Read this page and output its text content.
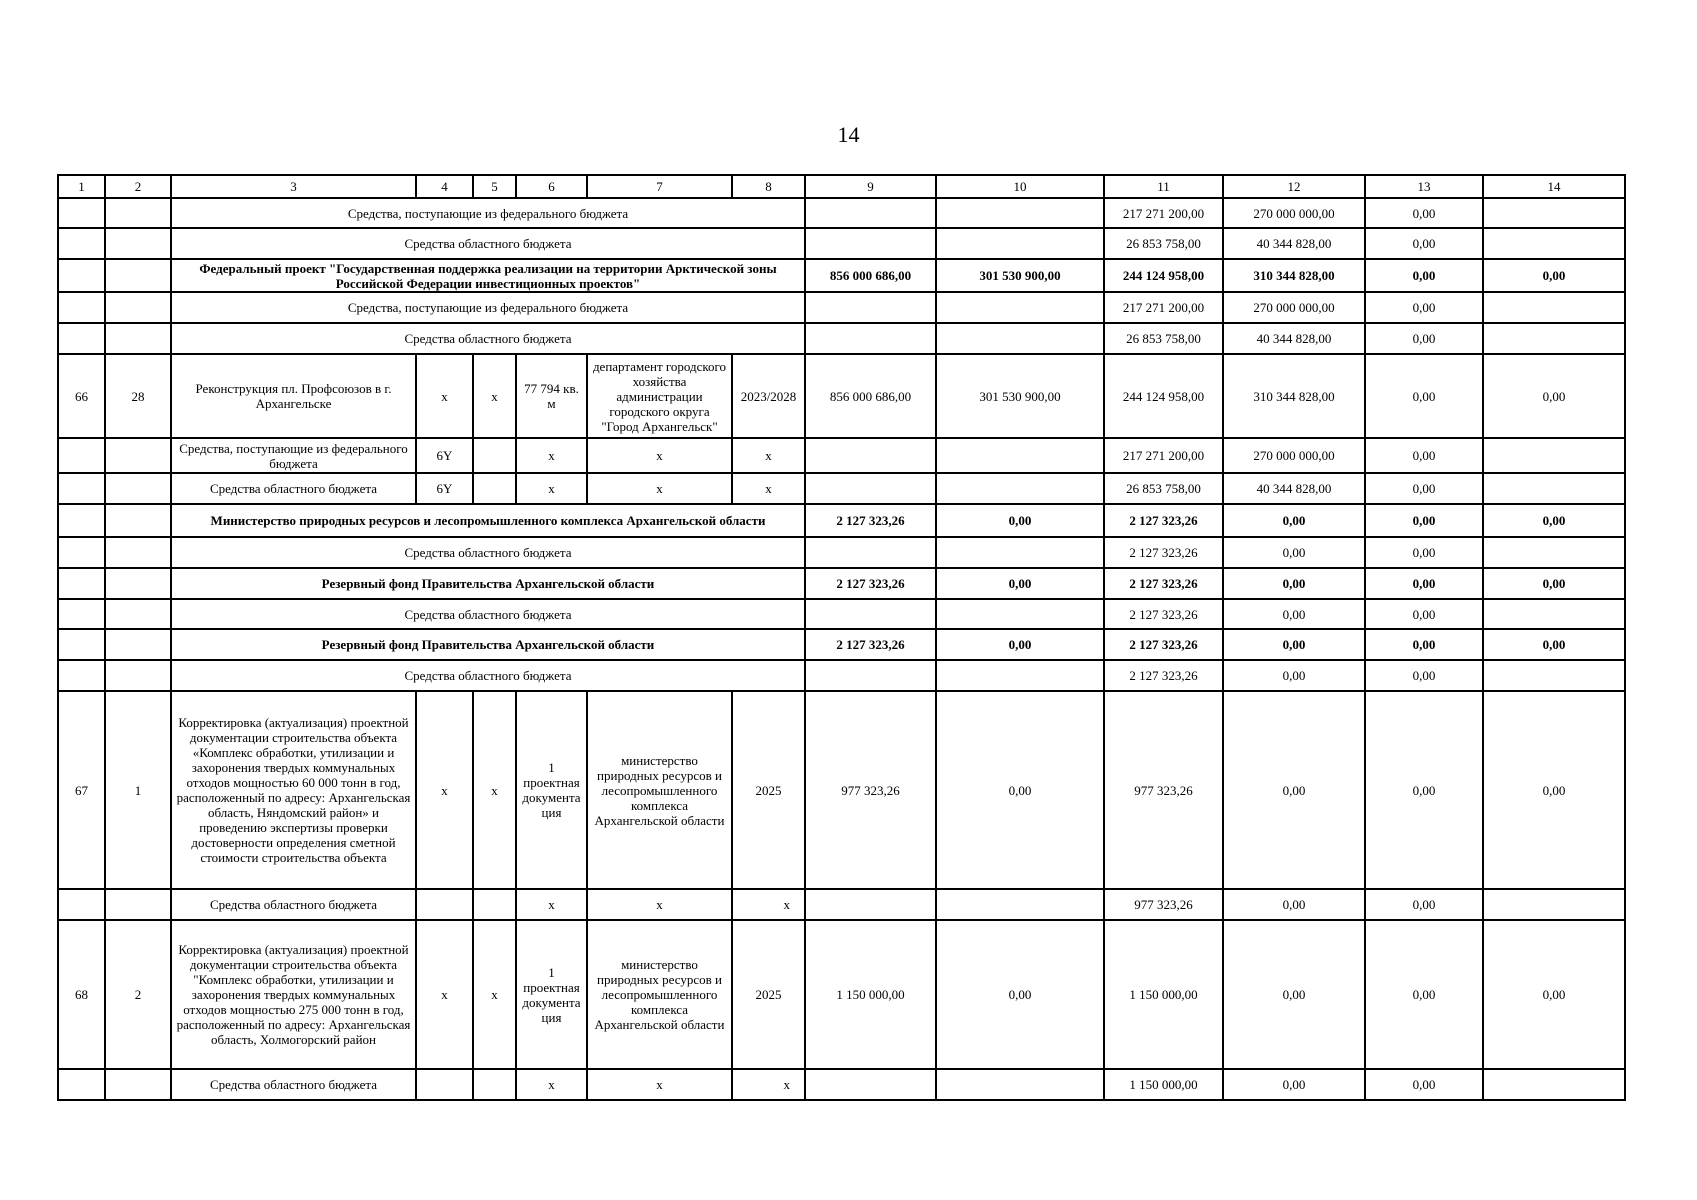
14
1	2	3	4	5	6	7	8	9	10	11	12	13	14
		Средства, поступающие из федерального бюджета								217 271 200,00	270 000 000,00	0,00	
		Средства областного бюджета								26 853 758,00	40 344 828,00	0,00	
		Федеральный проект "Государственная поддержка реализации на территории Арктической зоны Российской Федерации инвестиционных проектов"						856 000 686,00	301 530 900,00	244 124 958,00	310 344 828,00	0,00	0,00
		Средства, поступающие из федерального бюджета								217 271 200,00	270 000 000,00	0,00	
		Средства областного бюджета								26 853 758,00	40 344 828,00	0,00	
66	28	Реконструкция пл. Профсоюзов в г. Архангельске	х	х	77 794 кв. м	департамент городского хозяйства администрации городского округа "Город Архангельск"	2023/2028	856 000 686,00	301 530 900,00	244 124 958,00	310 344 828,00	0,00	0,00
		Средства, поступающие из федерального бюджета	6Y		х	х	х			217 271 200,00	270 000 000,00	0,00	
		Средства областного бюджета	6Y		х	х	х			26 853 758,00	40 344 828,00	0,00	
		Министерство природных ресурсов и лесопромышленного комплекса Архангельской области						2 127 323,26	0,00	2 127 323,26	0,00	0,00	0,00
		Средства областного бюджета								2 127 323,26	0,00	0,00	
		Резервный фонд Правительства Архангельской области						2 127 323,26	0,00	2 127 323,26	0,00	0,00	0,00
		Средства областного бюджета								2 127 323,26	0,00	0,00	
		Резервный фонд Правительства Архангельской области						2 127 323,26	0,00	2 127 323,26	0,00	0,00	0,00
		Средства областного бюджета								2 127 323,26	0,00	0,00	
67	1	Корректировка (актуализация) проектной документации строительства объекта «Комплекс обработки, утилизации и захоронения твердых коммунальных отходов мощностью 60 000 тонн в год, расположенный по адресу: Архангельская область, Няндомский район» и проведению экспертизы проверки достоверности определения сметной стоимости строительства объекта	х	х	1 проектная документа ция	министерство природных ресурсов и лесопромышленного комплекса Архангельской области	2025	977 323,26	0,00	977 323,26	0,00	0,00	0,00
		Средства областного бюджета			х	х	х			977 323,26	0,00	0,00	
68	2	Корректировка (актуализация) проектной документации строительства объекта "Комплекс обработки, утилизации и захоронения твердых коммунальных отходов мощностью 275 000 тонн в год, расположенный по адресу: Архангельская область, Холмогорский район	х	х	1 проектная документа ция	министерство природных ресурсов и лесопромышленного комплекса Архангельской области	2025	1 150 000,00	0,00	1 150 000,00	0,00	0,00	0,00
		Средства областного бюджета			х	х	х			1 150 000,00	0,00	0,00	
